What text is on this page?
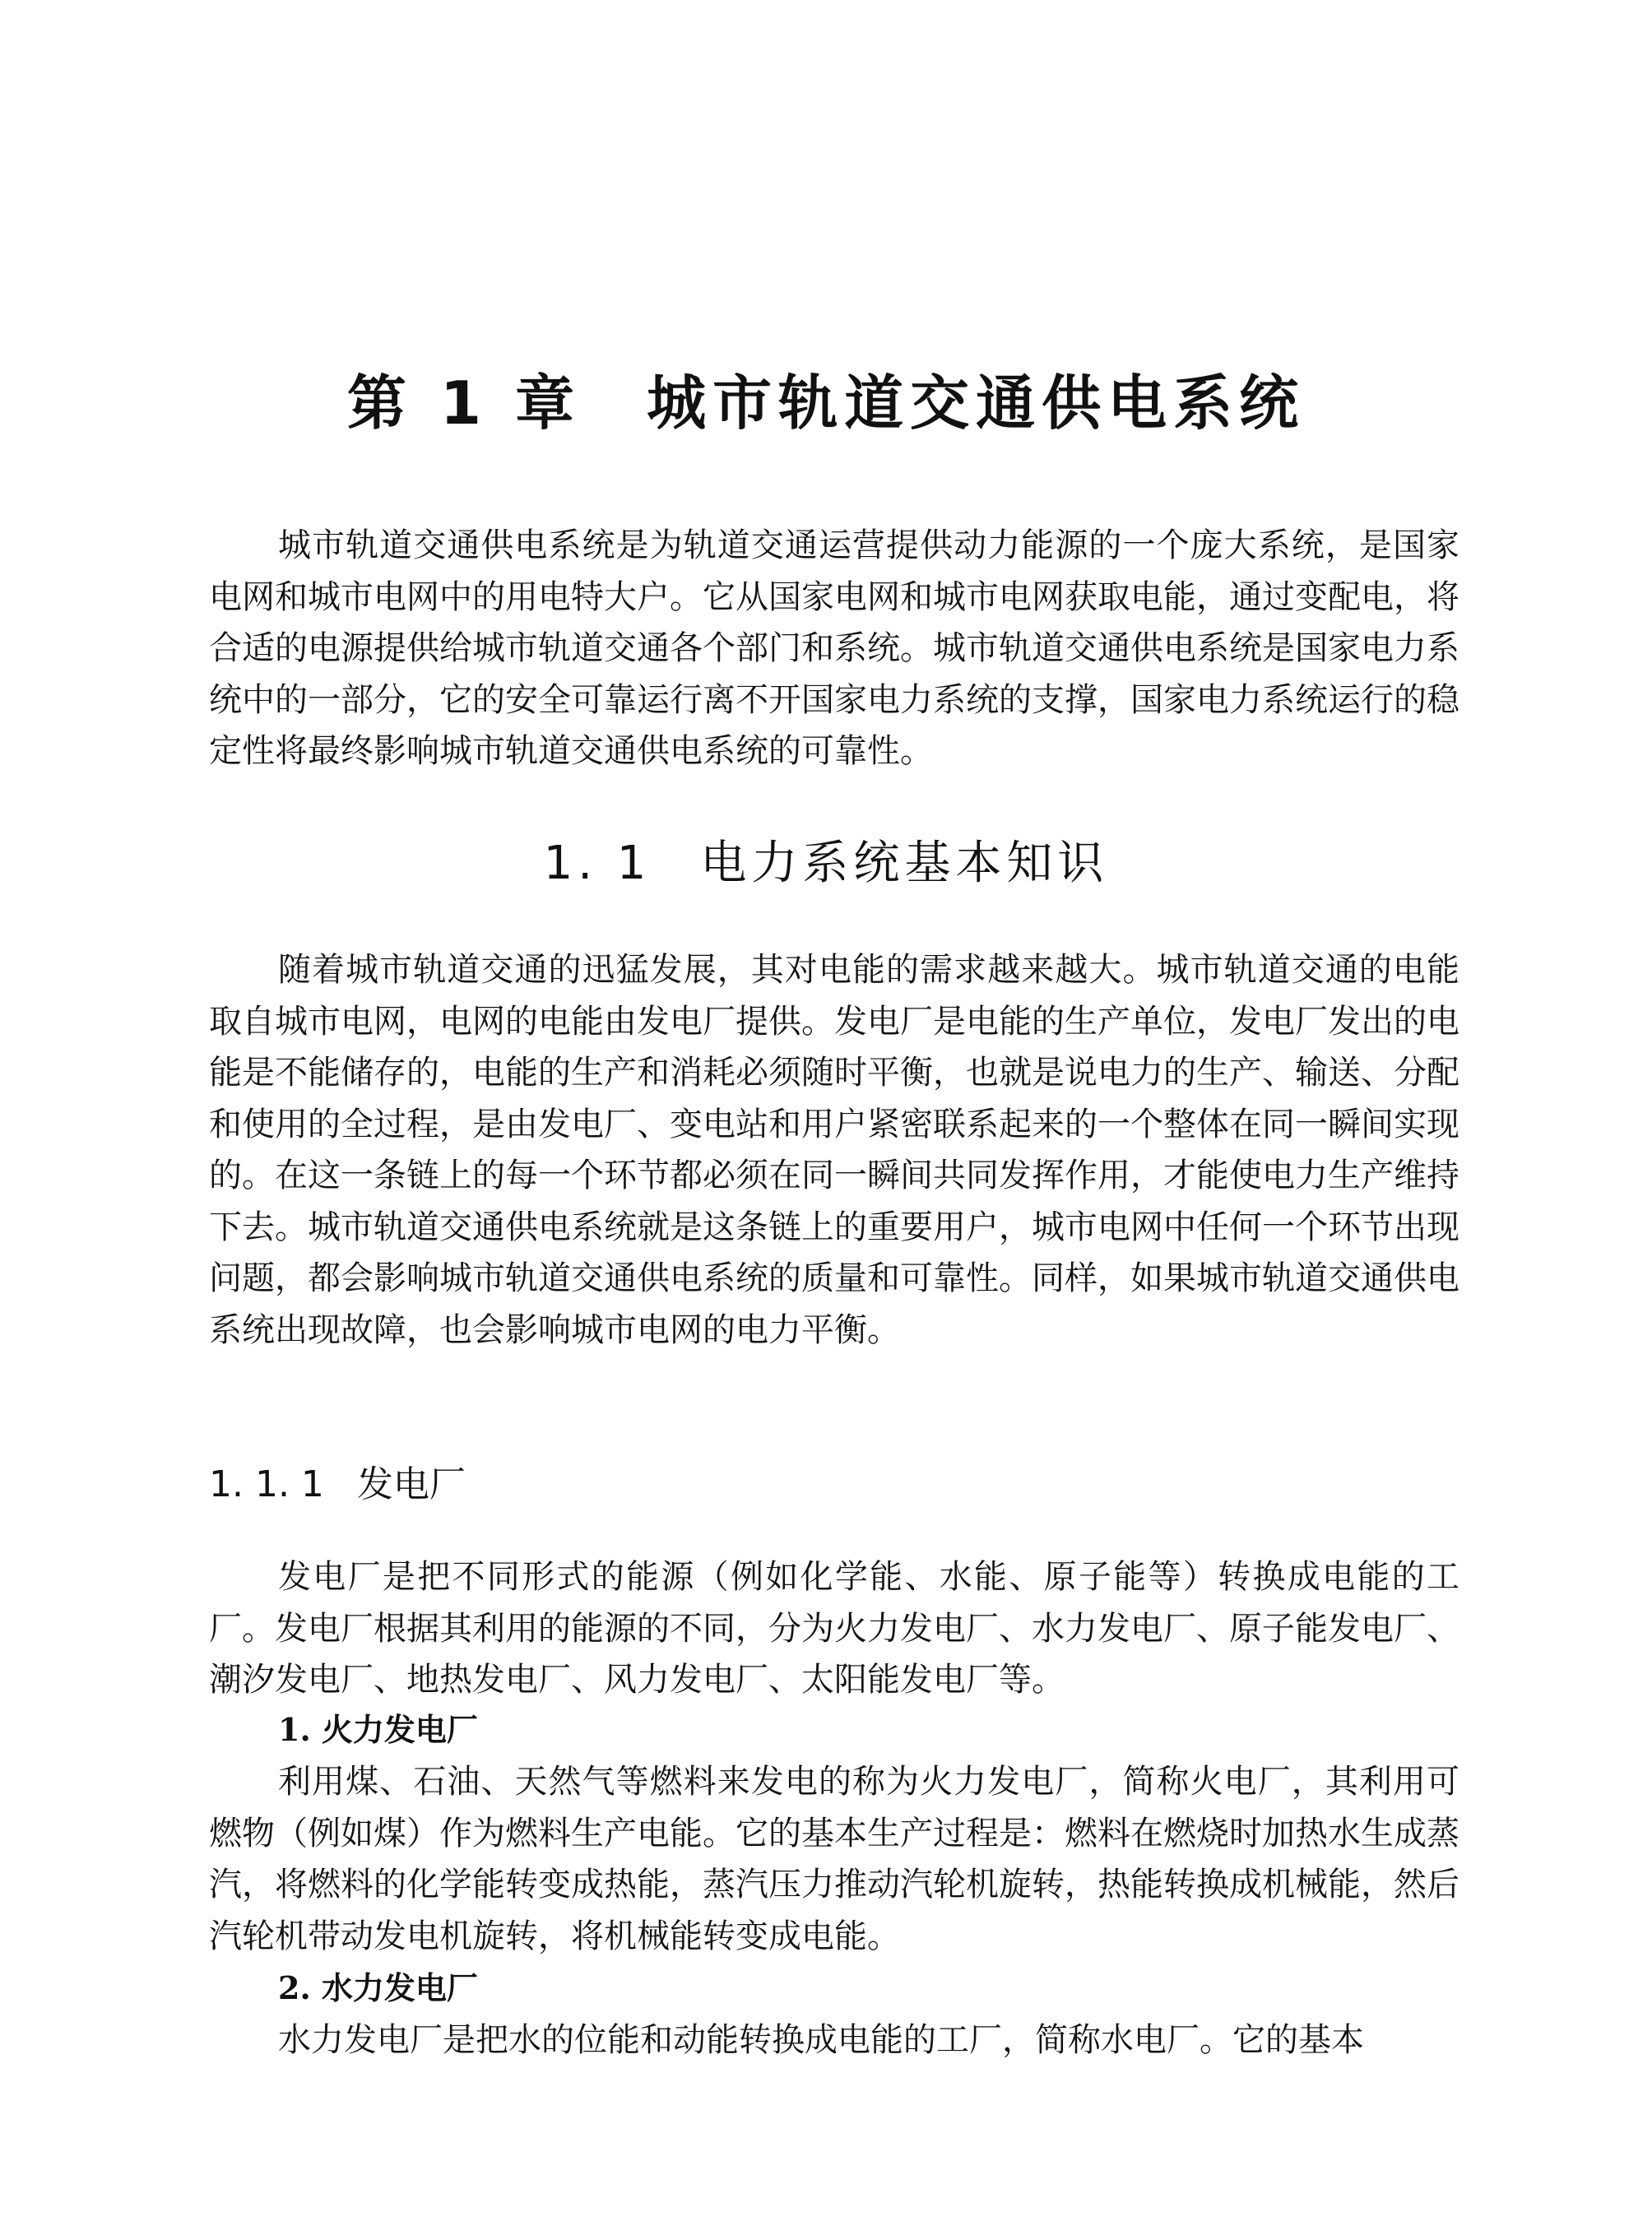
第 1 章 城市轨道交通供电系统

城市轨道交通供电系统是为轨道交通运营提供动力能源的一个庞大系统，是国家电网和城市电网中的用电特大户。它从国家电网和城市电网获取电能，通过变配电，将合适的电源提供给城市轨道交通各个部门和系统。城市轨道交通供电系统是国家电力系统中的一部分，它的安全可靠运行离不开国家电力系统的支撑，国家电力系统运行的稳定性将最终影响城市轨道交通供电系统的可靠性。

1. 1 电力系统基本知识

随着城市轨道交通的迅猛发展，其对电能的需求越来越大。城市轨道交通的电能取自城市电网，电网的电能由发电厂提供。发电厂是电能的生产单位，发电厂发出的电能是不能储存的，电能的生产和消耗必须随时平衡，也就是说电力的生产、输送、分配和使用的全过程，是由发电厂、变电站和用户紧密联系起来的一个整体在同一瞬间实现的。在这一条链上的每一个环节都必须在同一瞬间共同发挥作用，才能使电力生产维持下去。城市轨道交通供电系统就是这条链上的重要用户，城市电网中任何一个环节出现问题，都会影响城市轨道交通供电系统的质量和可靠性。同样，如果城市轨道交通供电系统出现故障，也会影响城市电网的电力平衡。

1. 1. 1 发电厂

发电厂是把不同形式的能源（例如化学能、水能、原子能等）转换成电能的工厂。发电厂根据其利用的能源的不同，分为火力发电厂、水力发电厂、原子能发电厂、潮汐发电厂、地热发电厂、风力发电厂、太阳能发电厂等。

1. 火力发电厂

利用煤、石油、天然气等燃料来发电的称为火力发电厂，简称火电厂，其利用可燃物（例如煤）作为燃料生产电能。它的基本生产过程是：燃料在燃烧时加热水生成蒸汽，将燃料的化学能转变成热能，蒸汽压力推动汽轮机旋转，热能转换成机械能，然后汽轮机带动发电机旋转，将机械能转变成电能。

2. 水力发电厂

水力发电厂是把水的位能和动能转换成电能的工厂，简称水电厂。它的基本
